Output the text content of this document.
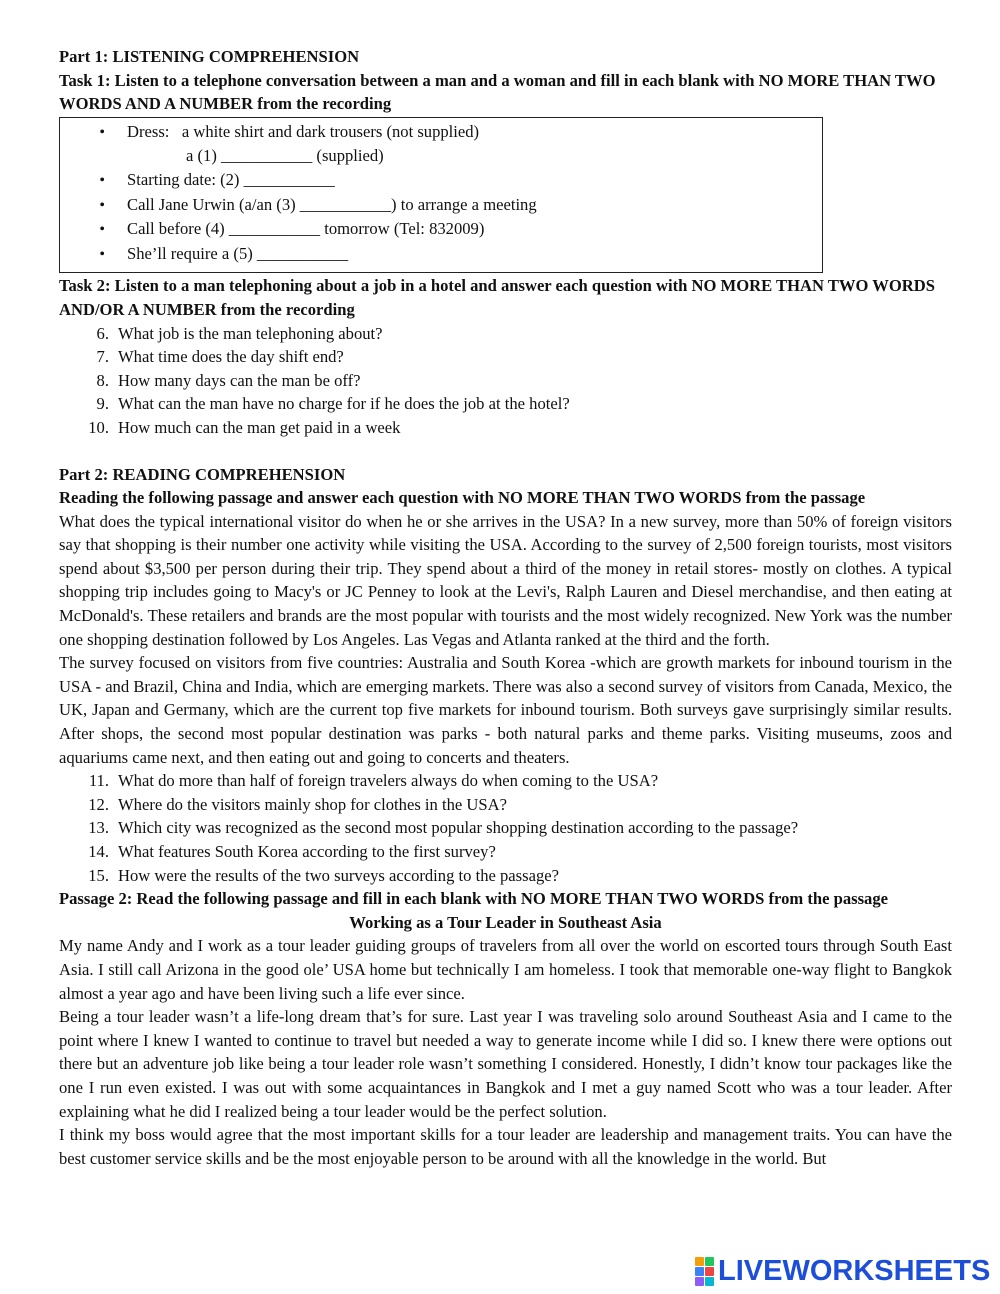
Part 1: LISTENING COMPREHENSION
Task 1: Listen to a telephone conversation between a man and a woman and fill in each blank with NO MORE THAN TWO WORDS AND A NUMBER from the recording
•
Dress:   a white shirt and dark trousers (not supplied)
a (1) ___________ (supplied)
•
Starting date: (2) ___________
•
Call Jane Urwin (a/an (3) ___________) to arrange a meeting
•
Call before (4) ___________ tomorrow (Tel: 832009)
•
She’ll require a (5) ___________
Task 2: Listen to a man telephoning about a job in a hotel and answer each question with NO MORE THAN TWO WORDS AND/OR A NUMBER from the recording
6. What job is the man telephoning about?
7. What time does the day shift end?
8. How many days can the man be off?
9. What can the man have no charge for if he does the job at the hotel?
10. How much can the man get paid in a week
Part 2: READING COMPREHENSION
Reading the following passage and answer each question with NO MORE THAN TWO WORDS from the passage
What does the typical international visitor do when he or she arrives in the USA? In a new survey, more than 50% of foreign visitors say that shopping is their number one activity while visiting the USA. According to the survey of 2,500 foreign tourists, most visitors spend about $3,500 per person during their trip. They spend about a third of the money in retail stores- mostly on clothes. A typical shopping trip includes going to Macy's or JC Penney to look at the Levi's, Ralph Lauren and Diesel merchandise, and then eating at McDonald's. These retailers and brands are the most popular with tourists and the most widely recognized. New York was the number one shopping destination followed by Los Angeles. Las Vegas and Atlanta ranked at the third and the forth.
The survey focused on visitors from five countries: Australia and South Korea -which are growth markets for inbound tourism in the USA - and Brazil, China and India, which are emerging markets. There was also a second survey of visitors from Canada, Mexico, the UK, Japan and Germany, which are the current top five markets for inbound tourism. Both surveys gave surprisingly similar results. After shops, the second most popular destination was parks - both natural parks and theme parks. Visiting museums, zoos and aquariums came next, and then eating out and going to concerts and theaters.
11. What do more than half of foreign travelers always do when coming to the USA?
12. Where do the visitors mainly shop for clothes in the USA?
13. Which city was recognized as the second most popular shopping destination according to the passage?
14. What features South Korea according to the first survey?
15. How were the results of the two surveys according to the passage?
Passage 2: Read the following passage and fill in each blank with NO MORE THAN TWO WORDS from the passage
Working as a Tour Leader in Southeast Asia
My name Andy and I work as a tour leader guiding groups of travelers from all over the world on escorted tours through South East Asia. I still call Arizona in the good ole’ USA home but technically I am homeless. I took that memorable one-way flight to Bangkok almost a year ago and have been living such a life ever since.
Being a tour leader wasn’t a life-long dream that’s for sure. Last year I was traveling solo around Southeast Asia and I came to the point where I knew I wanted to continue to travel but needed a way to generate income while I did so. I knew there were options out there but an adventure job like being a tour leader role wasn’t something I considered. Honestly, I didn’t know tour packages like the one I run even existed. I was out with some acquaintances in Bangkok and I met a guy named Scott who was a tour leader. After explaining what he did I realized being a tour leader would be the perfect solution.
I think my boss would agree that the most important skills for a tour leader are leadership and management traits. You can have the best customer service skills and be the most enjoyable person to be around with all the knowledge in the world. But
LIVEWORKSHEETS
